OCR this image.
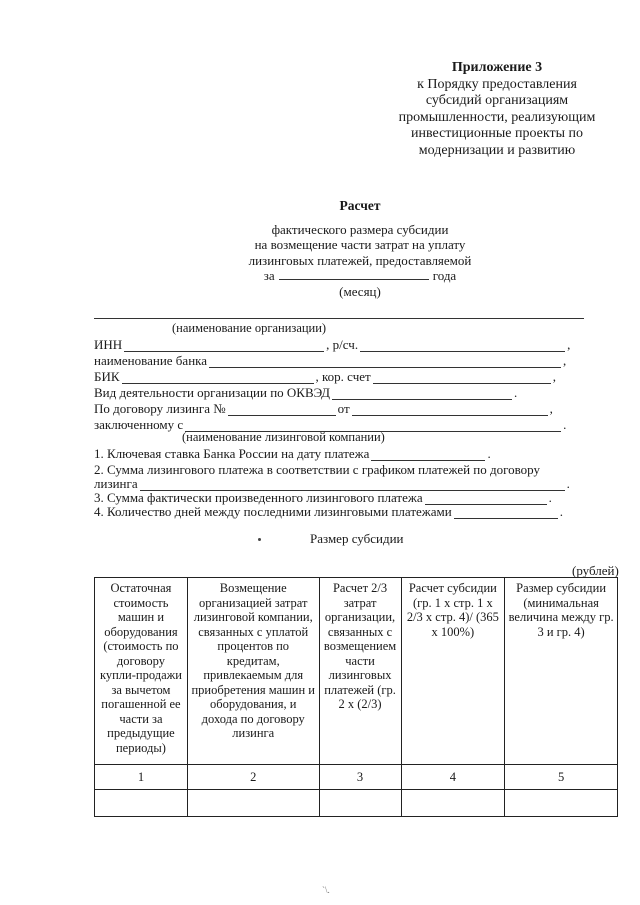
Приложение 3
к Порядку предоставления
субсидий организациям
промышленности, реализующим
инвестиционные проекты по
модернизации и развитию
Расчет
фактического размера субсидии
на возмещение части затрат на уплату
лизинговых платежей, предоставляемой
за	года
(месяц)
(наименование организации)
ИНН	, р/сч.	,
наименование банка	,
БИК	, кор. счет	,
Вид деятельности организации по ОКВЭД	.
По договору лизинга №	от	,
заключенному с	.
(наименование лизинговой компании)
1. Ключевая ставка Банка России на дату платежа	.
2. Сумма лизингового платежа в соответствии с графиком платежей по договору
лизинга	.
3. Сумма фактически произведенного лизингового платежа	.
4. Количество дней между последними лизинговыми платежами	.
Размер субсидии
(рублей)
Остаточная стоимость машин и оборудования (стоимость по договору купли-продажи за вычетом погашенной ее части за предыдущие периоды)	Возмещение организацией затрат лизинговой компании, связанных с уплатой процентов по кредитам, привлекаемым для приобретения машин и оборудования, и дохода по договору лизинга	Расчет 2/3 затрат организации, связанных с возмещением части лизинговых платежей (гр. 2 х (2/3)	Расчет субсидии (гр. 1 х стр. 1 х 2/3 х стр. 4)/ (365 х 100%)	Размер субсидии (минимальная величина между гр. 3 и гр. 4)
1	2	3	4	5

`\.
